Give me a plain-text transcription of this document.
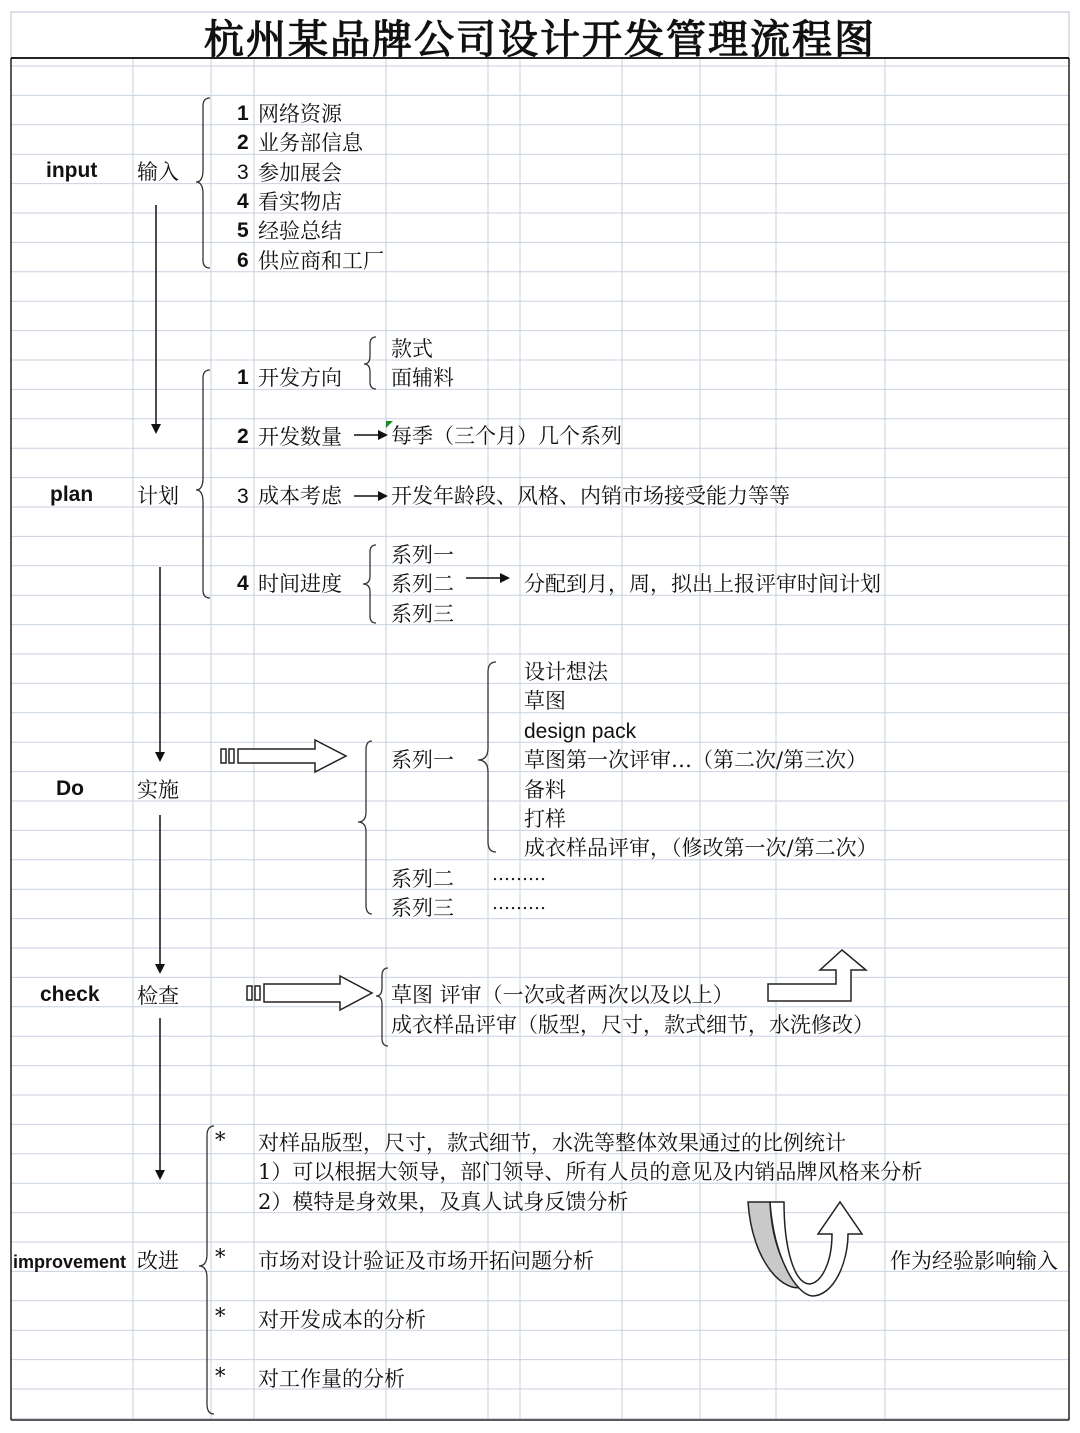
杭州某品牌公司设计开发管理流程图
input 输入
plan 计划
Do	实施
check 检查
improvement 改进
1 网络资源
2 业务部信息
3 参加展会
4 看实物店
5 经验总结
6 供应商和工厂
款式
1 开发方向 面辅料
2 开发数量 每季（三个月）几个系列
3 成本考虑 开发年龄段、风格、内销市场接受能力等等
系列一
4 时间进度 系列二	分配到月，周，拟出上报评审时间计划
系列三
设计想法
草图
design pack
草图第一次评审…（第二次/第三次）
系列一
备料
打样
成衣样品评审，（修改第一次/第二次）
系列二 ………
系列三 ………
草图 评审（一次或者两次以及以上）
成衣样品评审（版型，尺寸，款式细节，水洗修改）
* 对样品版型，尺寸，款式细节，水洗等整体效果通过的比例统计
1）可以根据大领导，部门领导、所有人员的意见及内销品牌风格来分析
2）模特是身效果，及真人试身反馈分析
* 市场对设计验证及市场开拓问题分析	作为经验影响输入
* 对开发成本的分析
* 对工作量的分析
